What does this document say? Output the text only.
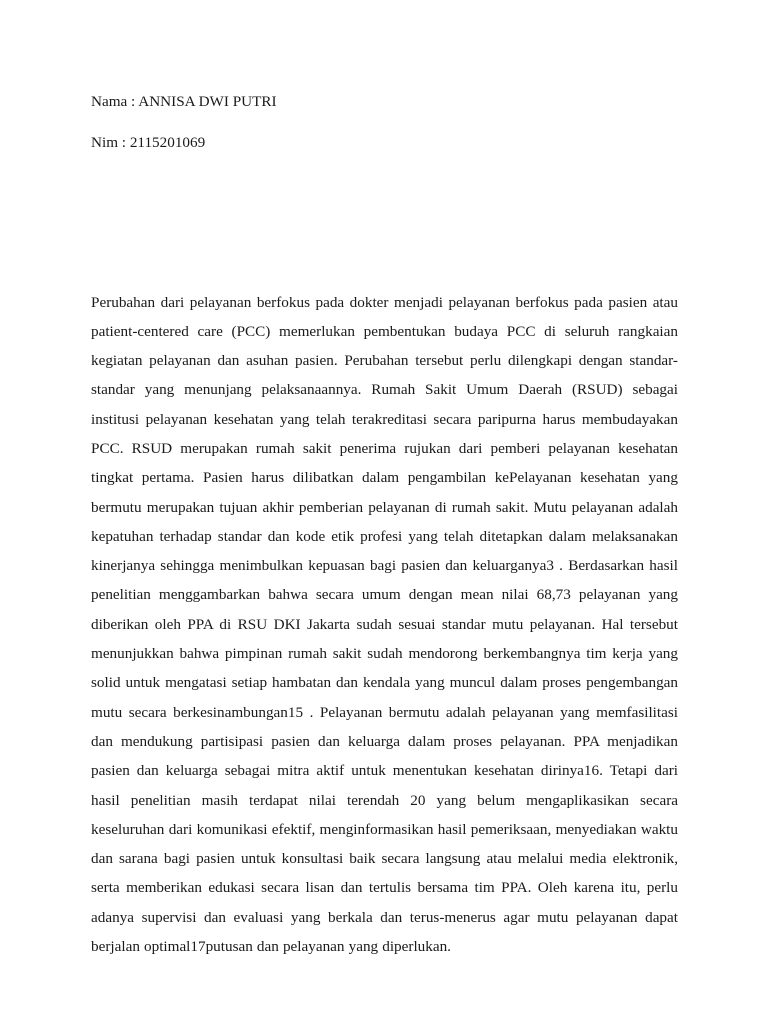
Nama : ANNISA DWI PUTRI
Nim : 2115201069

Perubahan dari pelayanan berfokus pada dokter menjadi pelayanan berfokus pada pasien atau patient-centered care (PCC) memerlukan pembentukan budaya PCC di seluruh rangkaian kegiatan pelayanan dan asuhan pasien. Perubahan tersebut perlu dilengkapi dengan standar-standar yang menunjang pelaksanaannya. Rumah Sakit Umum Daerah (RSUD) sebagai institusi pelayanan kesehatan yang telah terakreditasi secara paripurna harus membudayakan PCC. RSUD merupakan rumah sakit penerima rujukan dari pemberi pelayanan kesehatan tingkat pertama. Pasien harus dilibatkan dalam pengambilan kePelayanan kesehatan yang bermutu merupakan tujuan akhir pemberian pelayanan di rumah sakit. Mutu pelayanan adalah kepatuhan terhadap standar dan kode etik profesi yang telah ditetapkan dalam melaksanakan kinerjanya sehingga menimbulkan kepuasan bagi pasien dan keluarganya3 . Berdasarkan hasil penelitian menggambarkan bahwa secara umum dengan mean nilai 68,73 pelayanan yang diberikan oleh PPA di RSU DKI Jakarta sudah sesuai standar mutu pelayanan. Hal tersebut menunjukkan bahwa pimpinan rumah sakit sudah mendorong berkembangnya tim kerja yang solid untuk mengatasi setiap hambatan dan kendala yang muncul dalam proses pengembangan mutu secara berkesinambungan15 . Pelayanan bermutu adalah pelayanan yang memfasilitasi dan mendukung partisipasi pasien dan keluarga dalam proses pelayanan. PPA menjadikan pasien dan keluarga sebagai mitra aktif untuk menentukan kesehatan dirinya16. Tetapi dari hasil penelitian masih terdapat nilai terendah 20 yang belum mengaplikasikan secara keseluruhan dari komunikasi efektif, menginformasikan hasil pemeriksaan, menyediakan waktu dan sarana bagi pasien untuk konsultasi baik secara langsung atau melalui media elektronik, serta memberikan edukasi secara lisan dan tertulis bersama tim PPA. Oleh karena itu, perlu adanya supervisi dan evaluasi yang berkala dan terus-menerus agar mutu pelayanan dapat berjalan optimal17putusan dan pelayanan yang diperlukan.
